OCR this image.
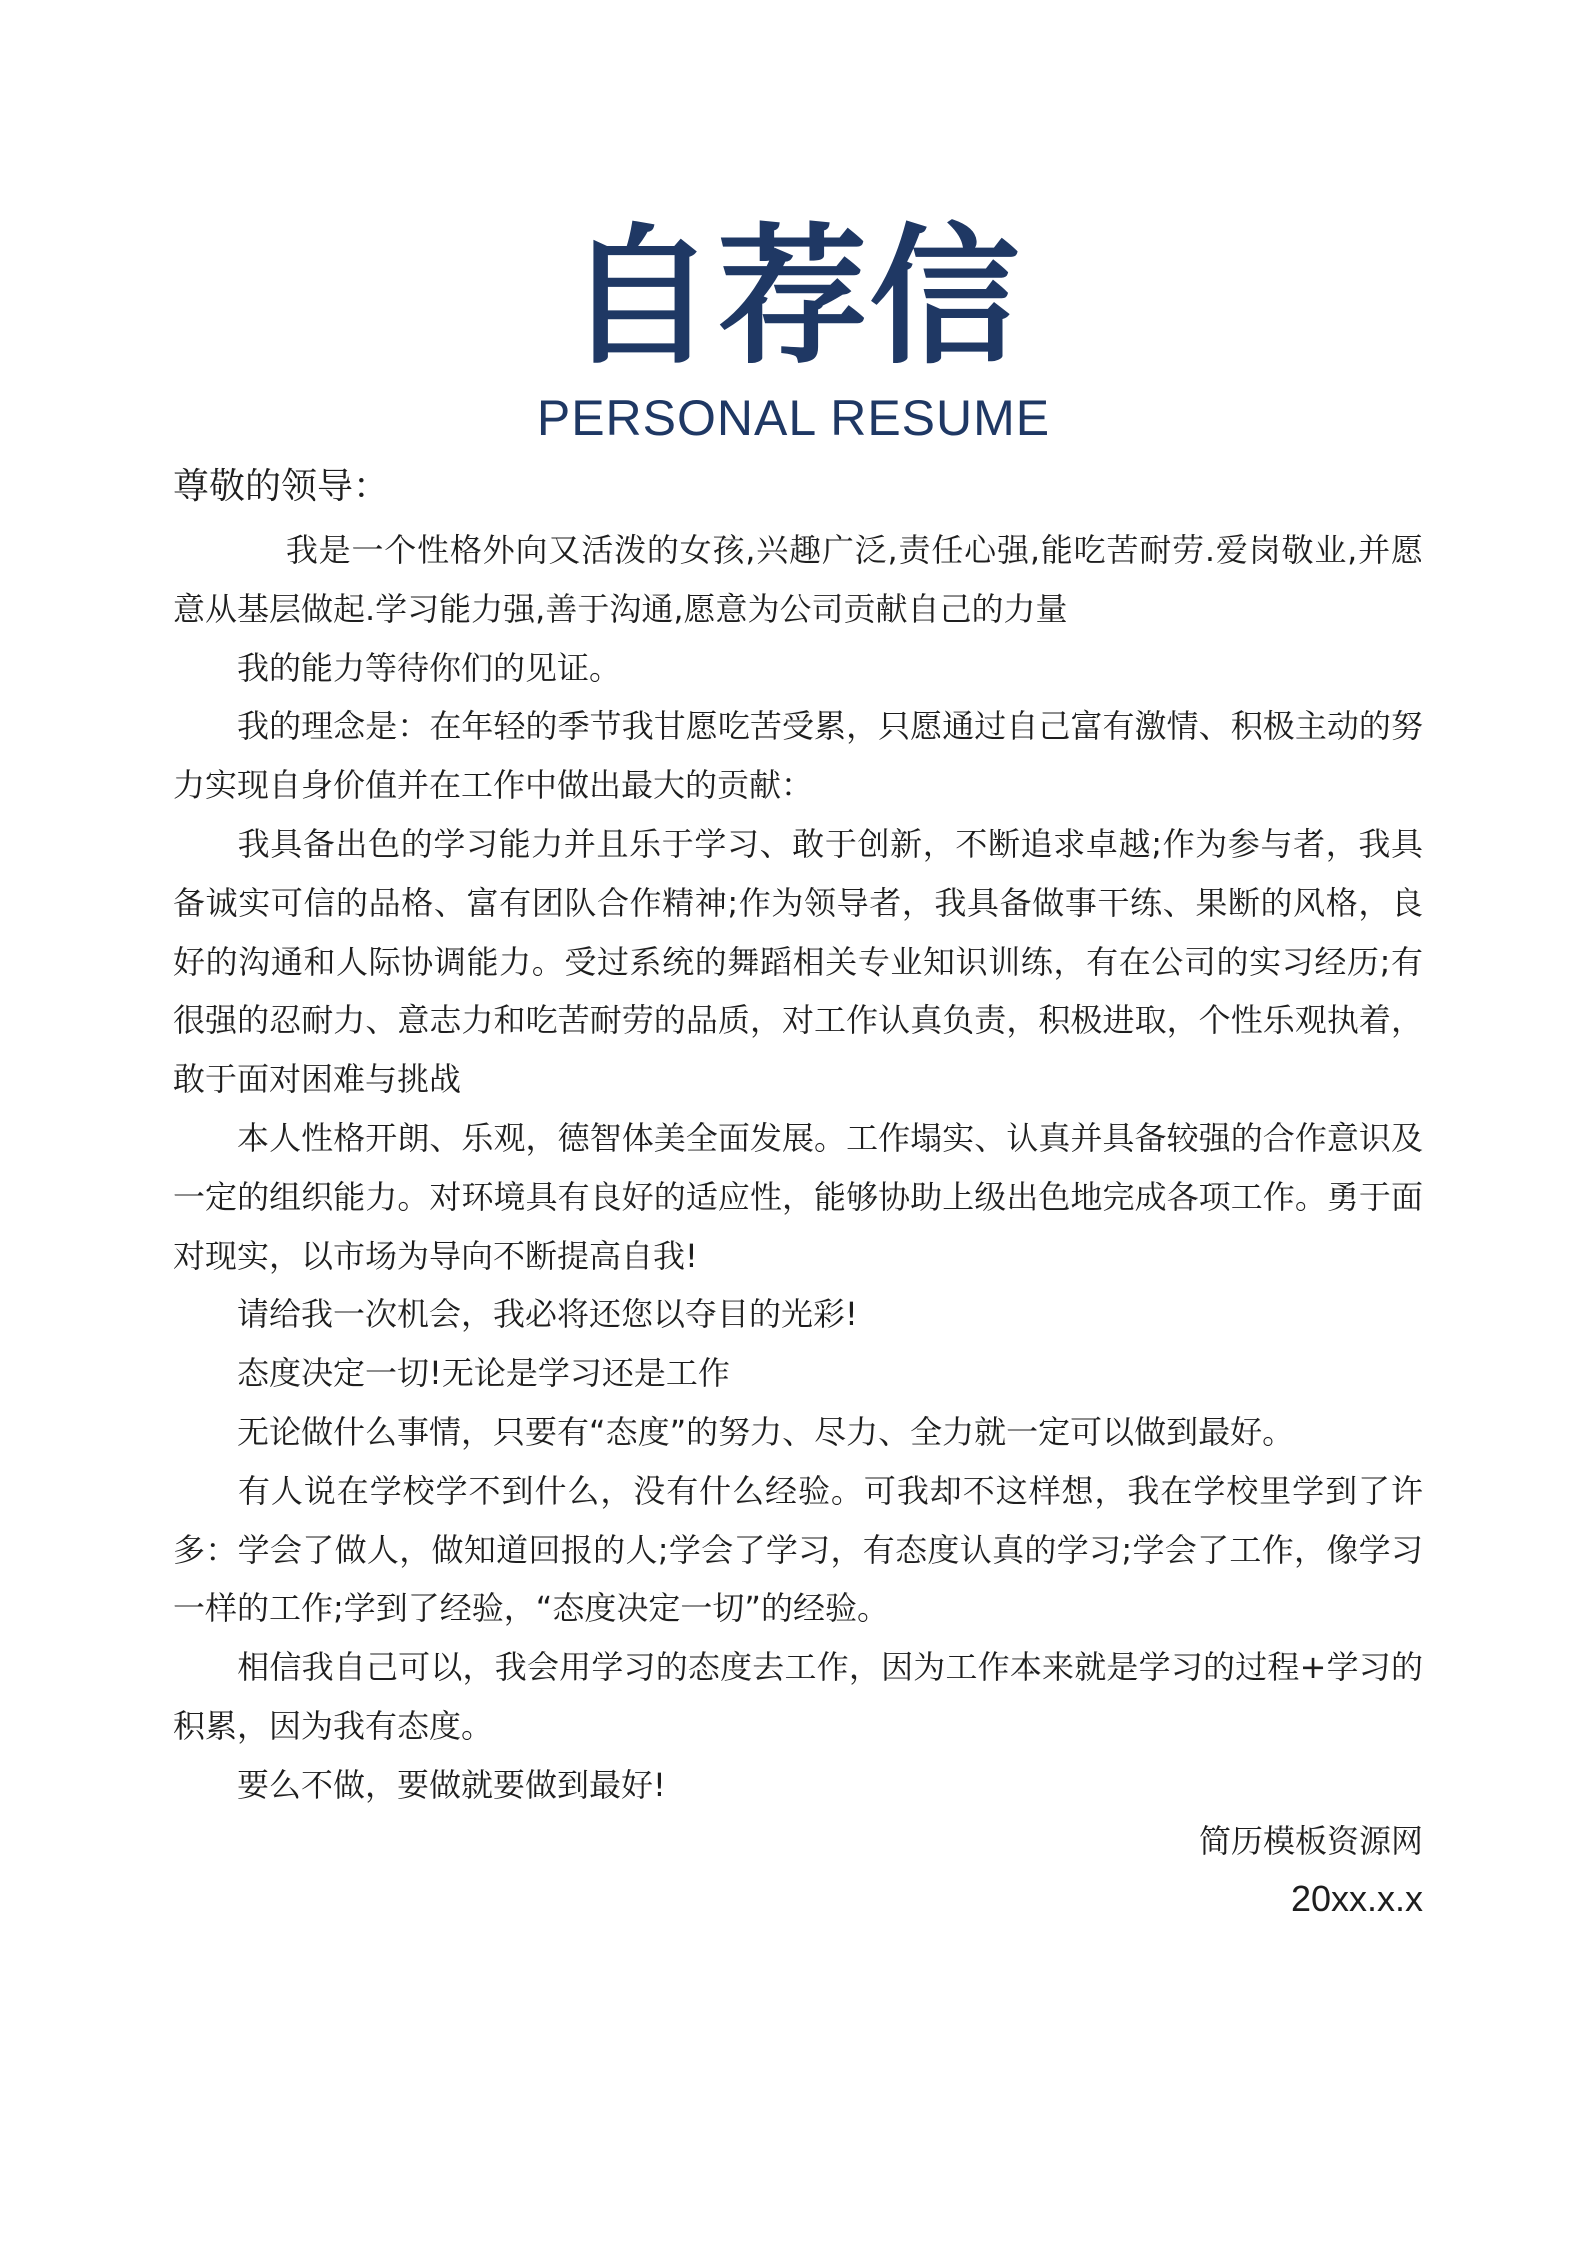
自荐信
PERSONAL RESUME
尊敬的领导：

我是一个性格外向又活泼的女孩,兴趣广泛,责任心强,能吃苦耐劳.爱岗敬业,并愿意从基层做起.学习能力强,善于沟通,愿意为公司贡献自己的力量

我的能力等待你们的见证。

我的理念是：在年轻的季节我甘愿吃苦受累，只愿通过自己富有激情、积极主动的努力实现自身价值并在工作中做出最大的贡献：

我具备出色的学习能力并且乐于学习、敢于创新，不断追求卓越;作为参与者，我具备诚实可信的品格、富有团队合作精神;作为领导者，我具备做事干练、果断的风格，良好的沟通和人际协调能力。受过系统的舞蹈相关专业知识训练，有在公司的实习经历;有很强的忍耐力、意志力和吃苦耐劳的品质，对工作认真负责，积极进取，个性乐观执着，敢于面对困难与挑战

本人性格开朗、乐观，德智体美全面发展。工作塌实、认真并具备较强的合作意识及一定的组织能力。对环境具有良好的适应性，能够协助上级出色地完成各项工作。勇于面对现实，以市场为导向不断提高自我!

请给我一次机会，我必将还您以夺目的光彩!

态度决定一切!无论是学习还是工作

无论做什么事情，只要有“态度”的努力、尽力、全力就一定可以做到最好。

有人说在学校学不到什么，没有什么经验。可我却不这样想，我在学校里学到了许多：学会了做人，做知道回报的人;学会了学习，有态度认真的学习;学会了工作，像学习一样的工作;学到了经验，“态度决定一切”的经验。

相信我自己可以，我会用学习的态度去工作，因为工作本来就是学习的过程+学习的积累，因为我有态度。

要么不做，要做就要做到最好!

简历模板资源网
20xx.x.x
